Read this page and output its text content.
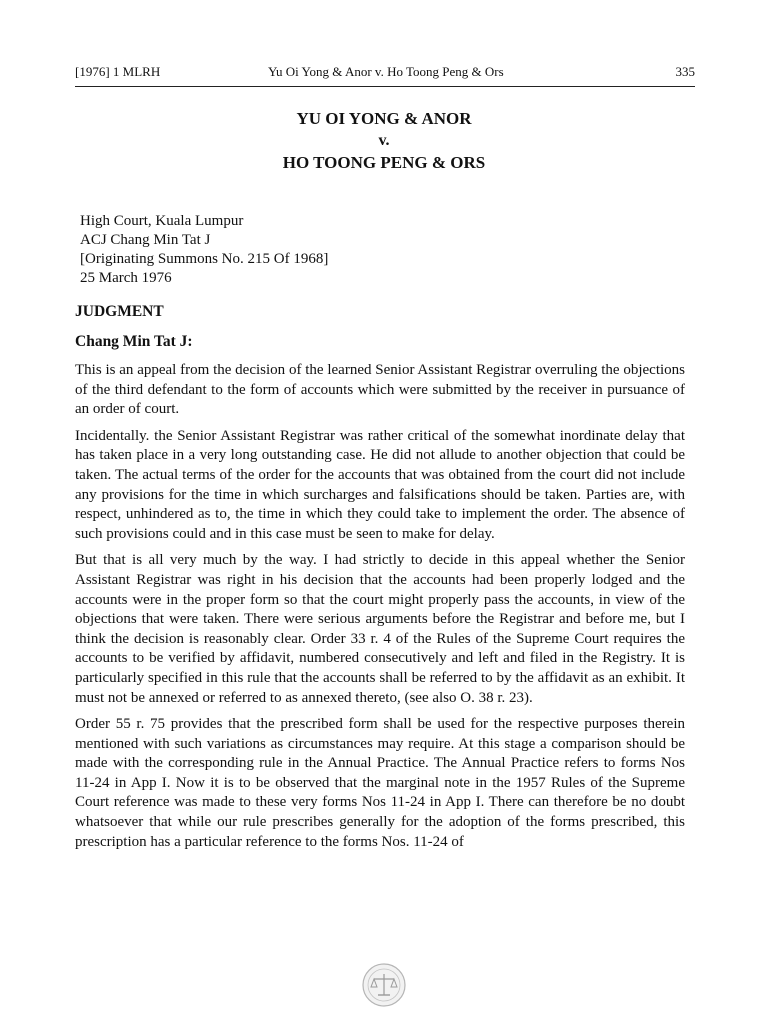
[1976] 1 MLRH	Yu Oi Yong & Anor v. Ho Toong Peng & Ors	335
YU OI YONG & ANOR
v.
HO TOONG PENG & ORS
High Court, Kuala Lumpur
ACJ Chang Min Tat J
[Originating Summons No. 215 Of 1968]
25 March 1976
JUDGMENT
Chang Min Tat J:

This is an appeal from the decision of the learned Senior Assistant Registrar overruling the objections of the third defendant to the form of accounts which were submitted by the receiver in pursuance of an order of court.

Incidentally. the Senior Assistant Registrar was rather critical of the somewhat inordinate delay that has taken place in a very long outstanding case. He did not allude to another objection that could be taken. The actual terms of the order for the accounts that was obtained from the court did not include any provisions for the time in which surcharges and falsifications should be taken. Parties are, with respect, unhindered as to, the time in which they could take to implement the order. The absence of such provisions could and in this case must be seen to make for delay.

But that is all very much by the way. I had strictly to decide in this appeal whether the Senior Assistant Registrar was right in his decision that the accounts had been properly lodged and the accounts were in the proper form so that the court might properly pass the accounts, in view of the objections that were taken. There were serious arguments before the Registrar and before me, but I think the decision is reasonably clear. Order 33 r. 4 of the Rules of the Supreme Court requires the accounts to be verified by affidavit, numbered consecutively and left and filed in the Registry. It is particularly specified in this rule that the accounts shall be referred to by the affidavit as an exhibit. It must not be annexed or referred to as annexed thereto, (see also O. 38 r. 23).

Order 55 r. 75 provides that the prescribed form shall be used for the respective purposes therein mentioned with such variations as circumstances may require. At this stage a comparison should be made with the corresponding rule in the Annual Practice. The Annual Practice refers to forms Nos 11-24 in App I. Now it is to be observed that the marginal note in the 1957 Rules of the Supreme Court reference was made to these very forms Nos 11-24 in App I. There can therefore be no doubt whatsoever that while our rule prescribes generally for the adoption of the forms prescribed, this prescription has a particular reference to the forms Nos. 11-24 of
